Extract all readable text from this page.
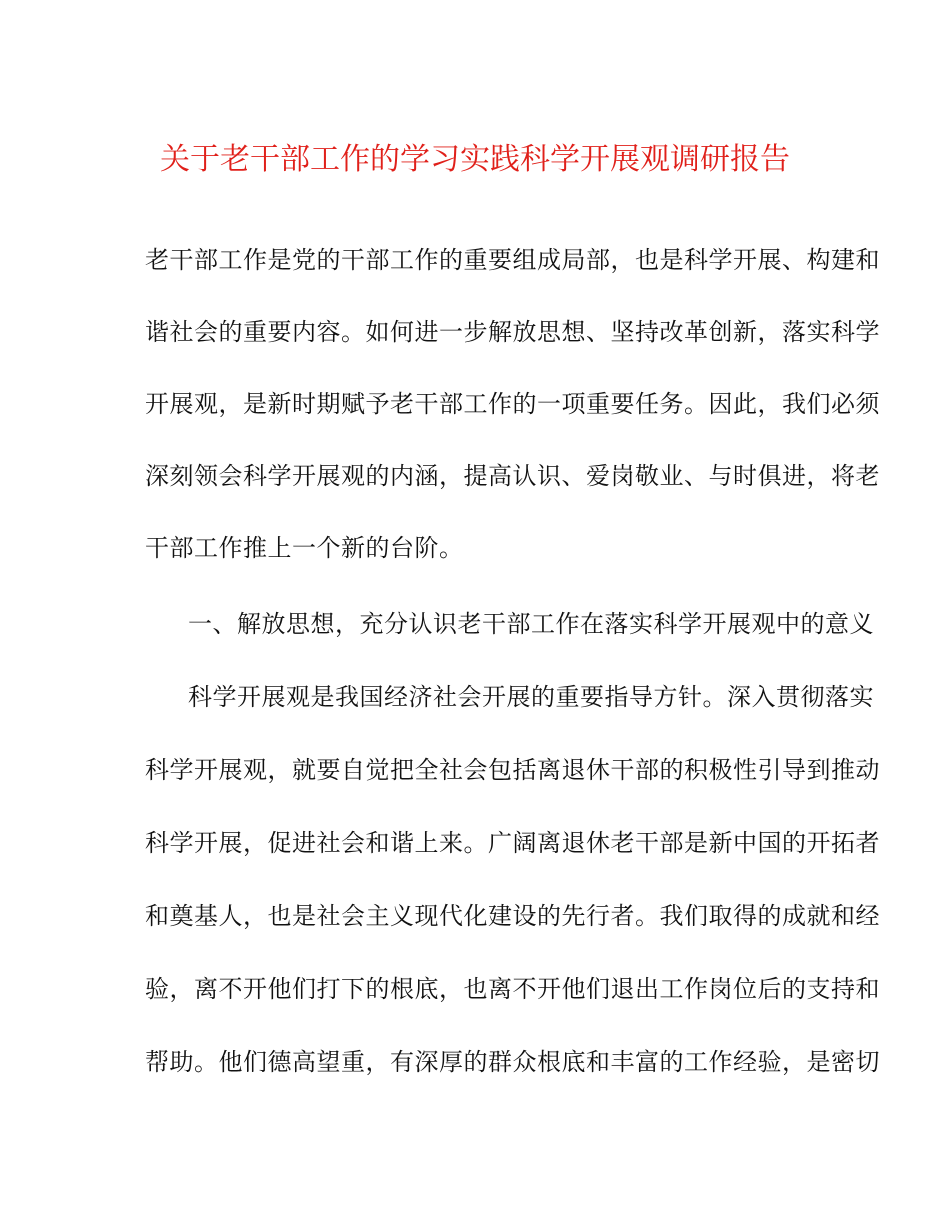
关于老干部工作的学习实践科学开展观调研报告
老干部工作是党的干部工作的重要组成局部，也是科学开展、构建和
谐社会的重要内容。如何进一步解放思想、坚持改革创新，落实科学
开展观，是新时期赋予老干部工作的一项重要任务。因此，我们必须
深刻领会科学开展观的内涵，提高认识、爱岗敬业、与时俱进，将老
干部工作推上一个新的台阶。
一、解放思想，充分认识老干部工作在落实科学开展观中的意义
科学开展观是我国经济社会开展的重要指导方针。深入贯彻落实
科学开展观，就要自觉把全社会包括离退休干部的积极性引导到推动
科学开展，促进社会和谐上来。广阔离退休老干部是新中国的开拓者
和奠基人，也是社会主义现代化建设的先行者。我们取得的成就和经
验，离不开他们打下的根底，也离不开他们退出工作岗位后的支持和
帮助。他们德高望重，有深厚的群众根底和丰富的工作经验，是密切
